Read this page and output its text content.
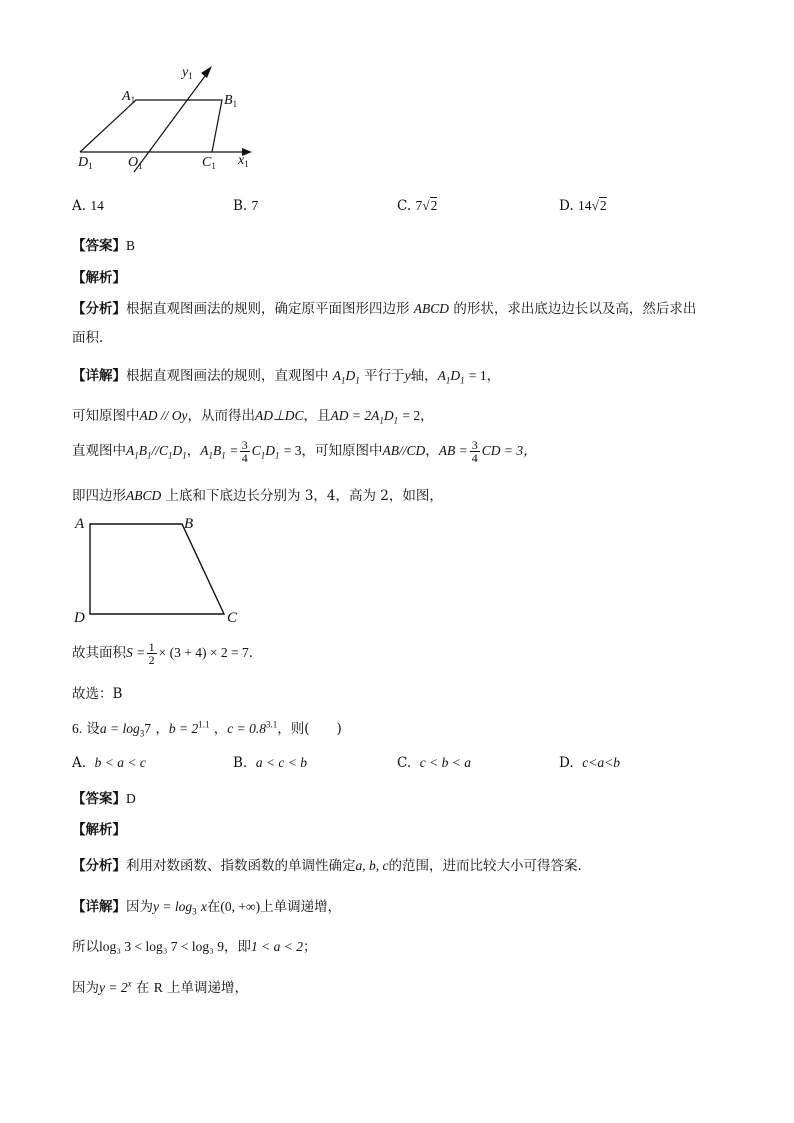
$A_1$	$B_1$
$D_1$	$O_1$	$C_1$ $x_1$
$y_1$
A. 14	B. 7	C. 7√2	D. 14√2
【答案】B
【解析】
【分析】根据直观图画法的规则，确定原平面图形四边形 ABCD 的形状，求出底边边长以及高，然后求出
面积．
【详解】根据直观图画法的规则，直观图中 $A_1D_1$ 平行于y轴，$A_1D_1 = 1$，
可知原图中AD // Oy，从而得出AD⊥DC，且AD = $2A_1D_1 = 2$，
直观图中$A_1B_1//C_1D_1$，$A_1B_1 = \frac{3}{4} C_1D_1 = 3$，可知原图中AB//CD，AB = $\frac{3}{4}$ CD = 3，
即四边形ABCD 上底和下底边长分别为 3，4，高为 2，如图，
A	B
D	C
故其面积$S = \frac{1}{2} \times (3 + 4) \times 2 = 7$．
故选：B
6. 设$a = \log_37$ ，$b = 2^{1.1}$ ，$c = 0.8^{3.1}$，则(　　)
A. b < a < c	B. a < c < b	C. c < b < a	D. c<a<b
【答案】D
【解析】
【分析】利用对数函数、指数函数的单调性确定a, b, c的范围，进而比较大小可得答案.
【详解】因为$y = \log_3 x$在(0, +∞)上单调递增，
所以log₃ 3 < log₃ 7 < log₃ 9，即1 < a < 2；
因为$y = 2^x$ 在 R 上单调递增，
